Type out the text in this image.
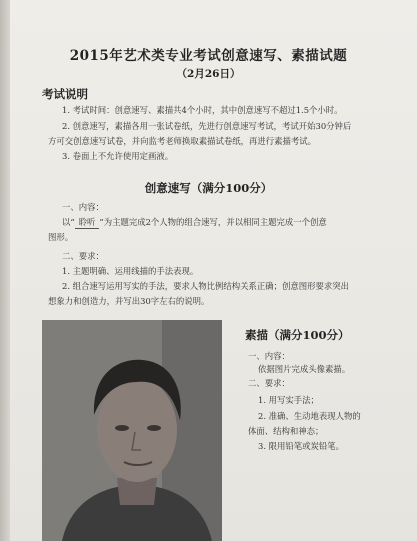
2015年艺术类专业考试创意速写、素描试题
（2月26日）
考试说明
1. 考试时间：创意速写、素描共4个小时，其中创意速写不超过1.5个小时。
2. 创意速写，素描各用一张试卷纸，先进行创意速写考试，考试开始30分钟后
方可交创意速写试卷，并向监考老师换取素描试卷纸，再进行素描考试。
3. 卷面上不允许使用定画液。
创意速写（满分100分）
一、内容：
以“ 聆听 ”为主题完成2个人物的组合速写，并以相同主题完成一个创意
图形。
二、要求：
1. 主题明确、运用线描的手法表现。
2. 组合速写运用写实的手法，要求人物比例结构关系正确；创意图形要求突出
想象力和创造力，并写出30字左右的说明。
素描（满分100分）
一、内容：
依据图片完成头像素描。
二、要求：
1. 用写实手法；
2. 准确、生动地表现人物的
体面、结构和神态；
3. 限用铅笔或炭铅笔。
